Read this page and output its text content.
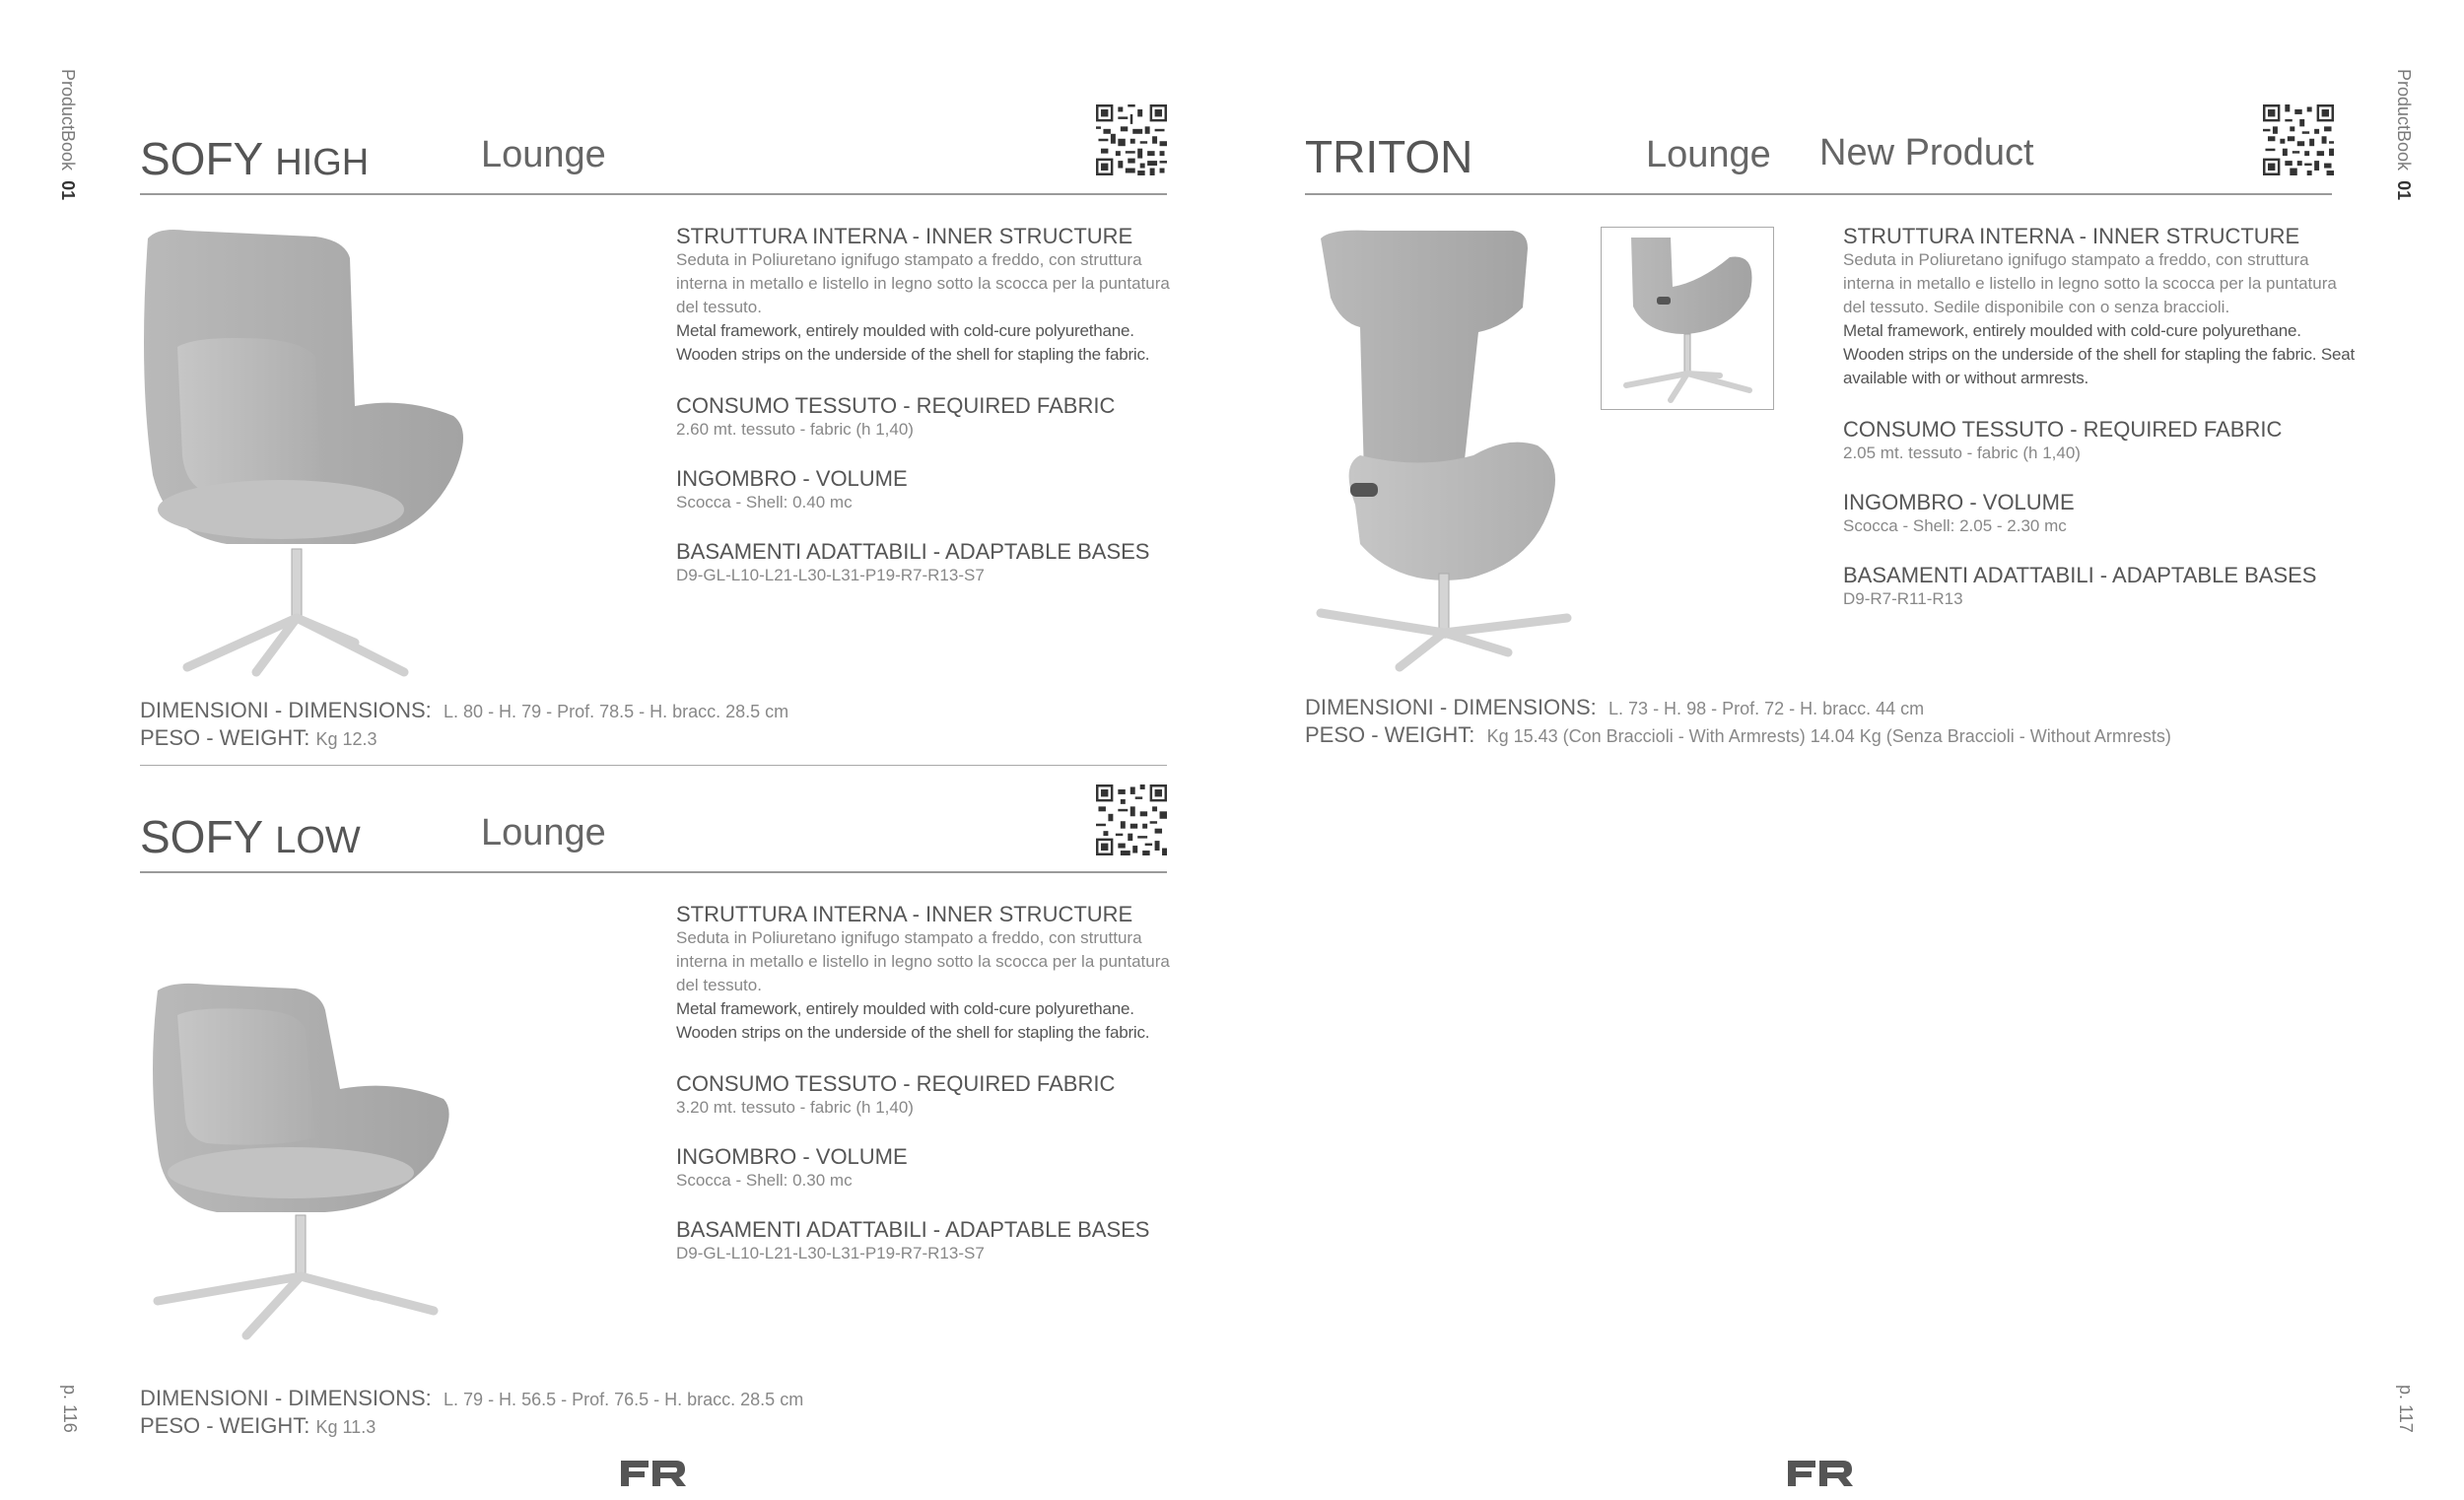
ProductBook  01
p. 116
SOFY HIGH	Lounge
STRUTTURA INTERNA - INNER STRUCTURE
Seduta in Poliuretano ignifugo stampato a freddo, con struttura interna in metallo e listello in legno sotto la scocca per la puntatura del tessuto.
Metal framework, entirely moulded with cold-cure polyurethane. Wooden strips on the underside of the shell for stapling the fabric.
CONSUMO TESSUTO - REQUIRED FABRIC
2.60 mt. tessuto - fabric (h 1,40)
INGOMBRO - VOLUME
Scocca - Shell: 0.40 mc
BASAMENTI ADATTABILI - ADAPTABLE BASES
D9-GL-L10-L21-L30-L31-P19-R7-R13-S7
DIMENSIONI - DIMENSIONS: L. 80 - H. 79 - Prof. 78.5 - H. bracc. 28.5 cm
PESO - WEIGHT: Kg 12.3
SOFY LOW	Lounge
STRUTTURA INTERNA - INNER STRUCTURE
Seduta in Poliuretano ignifugo stampato a freddo, con struttura interna in metallo e listello in legno sotto la scocca per la puntatura del tessuto.
Metal framework, entirely moulded with cold-cure polyurethane. Wooden strips on the underside of the shell for stapling the fabric.
CONSUMO TESSUTO - REQUIRED FABRIC
3.20 mt. tessuto - fabric (h 1,40)
INGOMBRO - VOLUME
Scocca - Shell: 0.30 mc
BASAMENTI ADATTABILI - ADAPTABLE BASES
D9-GL-L10-L21-L30-L31-P19-R7-R13-S7
DIMENSIONI - DIMENSIONS: L. 79 - H. 56.5 - Prof. 76.5 - H. bracc. 28.5 cm
PESO - WEIGHT: Kg 11.3
TRITON	Lounge New Product
STRUTTURA INTERNA - INNER STRUCTURE
Seduta in Poliuretano ignifugo stampato a freddo, con struttura interna in metallo e listello in legno sotto la scocca per la puntatura del tessuto. Sedile disponibile con o senza braccioli.
Metal framework, entirely moulded with cold-cure polyurethane. Wooden strips on the underside of the shell for stapling the fabric. Seat available with or without armrests.
CONSUMO TESSUTO - REQUIRED FABRIC
2.05 mt. tessuto - fabric (h 1,40)
INGOMBRO - VOLUME
Scocca - Shell: 2.05 - 2.30 mc
BASAMENTI ADATTABILI - ADAPTABLE BASES
D9-R7-R11-R13
DIMENSIONI - DIMENSIONS: L. 73 - H. 98 - Prof. 72 - H. bracc. 44 cm
PESO - WEIGHT: Kg 15.43 (Con Braccioli - With Armrests) 14.04 Kg (Senza Braccioli - Without Armrests)
ProductBook  01
p. 117
